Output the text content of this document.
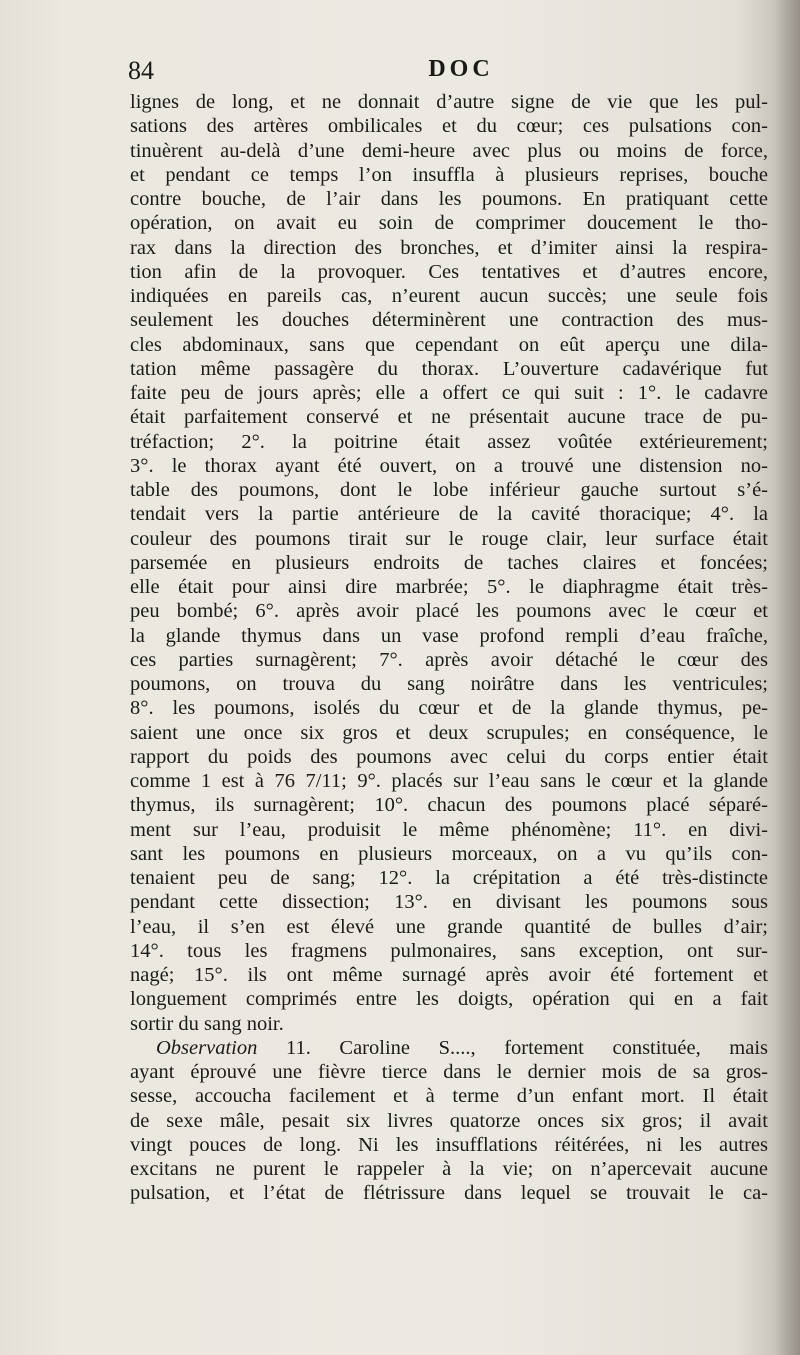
84	DOC
lignes de long, et ne donnait d’autre signe de vie que les pul-
sations des artères ombilicales et du cœur; ces pulsations con-
tinuèrent au-delà d’une demi-heure avec plus ou moins de force,
et pendant ce temps l’on insuffla à plusieurs reprises, bouche
contre bouche, de l’air dans les poumons. En pratiquant cette
opération, on avait eu soin de comprimer doucement le tho-
rax dans la direction des bronches, et d’imiter ainsi la respira-
tion afin de la provoquer. Ces tentatives et d’autres encore,
indiquées en pareils cas, n’eurent aucun succès; une seule fois
seulement les douches déterminèrent une contraction des mus-
cles abdominaux, sans que cependant on eût aperçu une dila-
tation même passagère du thorax. L’ouverture cadavérique fut
faite peu de jours après; elle a offert ce qui suit : 1°. le cadavre
était parfaitement conservé et ne présentait aucune trace de pu-
tréfaction; 2°. la poitrine était assez voûtée extérieurement;
3°. le thorax ayant été ouvert, on a trouvé une distension no-
table des poumons, dont le lobe inférieur gauche surtout s’é-
tendait vers la partie antérieure de la cavité thoracique; 4°. la
couleur des poumons tirait sur le rouge clair, leur surface était
parsemée en plusieurs endroits de taches claires et foncées;
elle était pour ainsi dire marbrée; 5°. le diaphragme était très-
peu bombé; 6°. après avoir placé les poumons avec le cœur et
la glande thymus dans un vase profond rempli d’eau fraîche,
ces parties surnagèrent; 7°. après avoir détaché le cœur des
poumons, on trouva du sang noirâtre dans les ventricules;
8°. les poumons, isolés du cœur et de la glande thymus, pe-
saient une once six gros et deux scrupules; en conséquence, le
rapport du poids des poumons avec celui du corps entier était
comme 1 est à 76 7/11; 9°. placés sur l’eau sans le cœur et la glande
thymus, ils surnagèrent; 10°. chacun des poumons placé séparé-
ment sur l’eau, produisit le même phénomène; 11°. en divi-
sant les poumons en plusieurs morceaux, on a vu qu’ils con-
tenaient peu de sang; 12°. la crépitation a été très-distincte
pendant cette dissection; 13°. en divisant les poumons sous
l’eau, il s’en est élevé une grande quantité de bulles d’air;
14°. tous les fragmens pulmonaires, sans exception, ont sur-
nagé; 15°. ils ont même surnagé après avoir été fortement et
longuement comprimés entre les doigts, opération qui en a fait
sortir du sang noir.
Observation 11. Caroline S...., fortement constituée, mais
ayant éprouvé une fièvre tierce dans le dernier mois de sa gros-
sesse, accoucha facilement et à terme d’un enfant mort. Il était
de sexe mâle, pesait six livres quatorze onces six gros; il avait
vingt pouces de long. Ni les insufflations réitérées, ni les autres
excitans ne purent le rappeler à la vie; on n’apercevait aucune
pulsation, et l’état de flétrissure dans lequel se trouvait le ca-
